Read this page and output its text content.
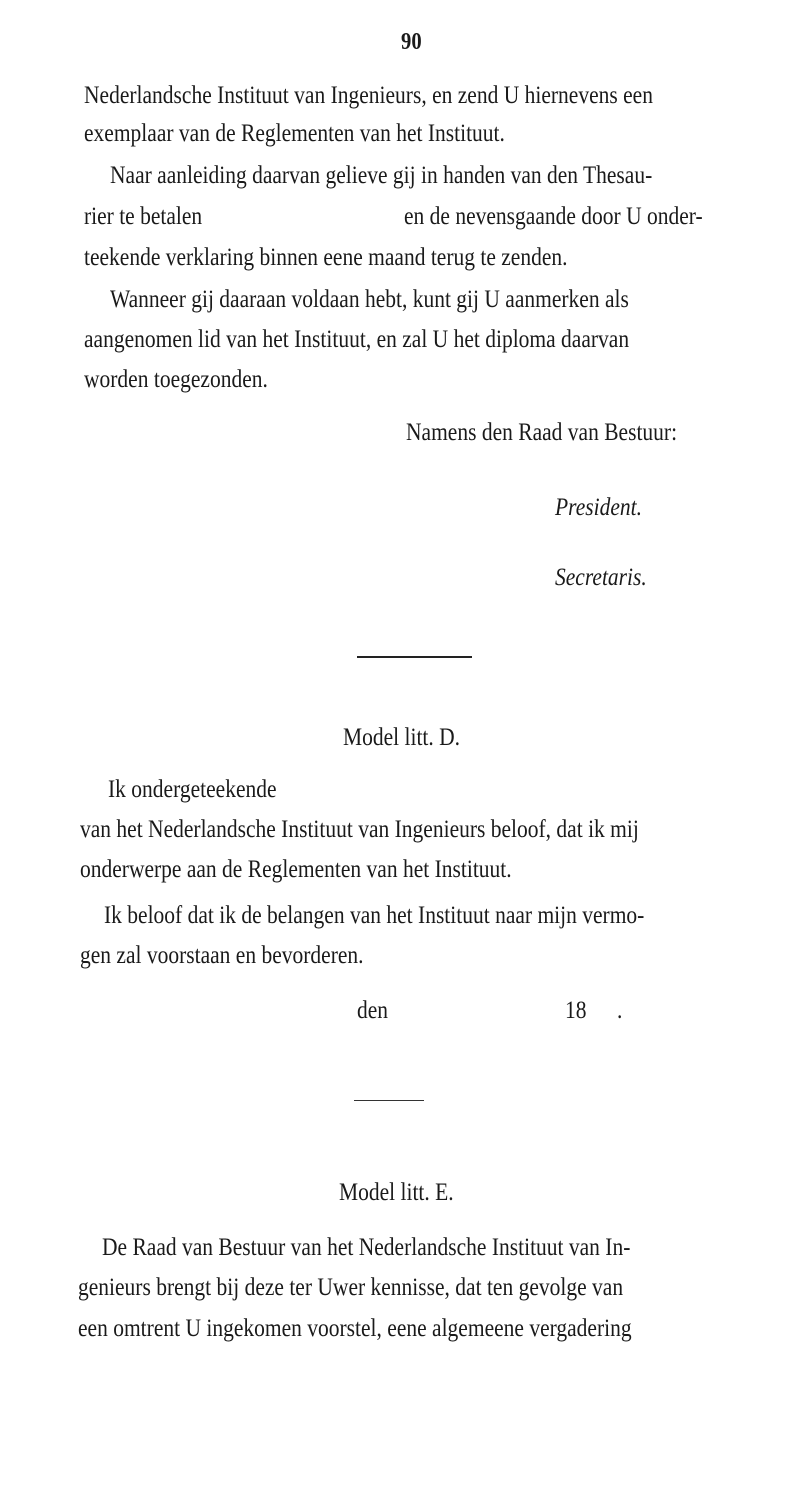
90
Nederlandsche Instituut van Ingenieurs, en zend U hiernevens een
exemplaar van de Reglementen van het Instituut.
Naar aanleiding daarvan gelieve gij in handen van den Thesau-
rier te betalen	en de nevensgaande door U onder-
teekende verklaring binnen eene maand terug te zenden.
Wanneer gij daaraan voldaan hebt, kunt gij U aanmerken als
aangenomen lid van het Instituut, en zal U het diploma daarvan
worden toegezonden.
Namens den Raad van Bestuur:
President.
Secretaris.
Model litt. D.
Ik ondergeteekende
van het Nederlandsche Instituut van Ingenieurs beloof, dat ik mij
onderwerpe aan de Reglementen van het Instituut.
Ik beloof dat ik de belangen van het Instituut naar mijn vermo-
gen zal voorstaan en bevorderen.
den	18 .
Model litt. E.
De Raad van Bestuur van het Nederlandsche Instituut van In-
genieurs brengt bij deze ter Uwer kennisse, dat ten gevolge van
een omtrent U ingekomen voorstel, eene algemeene vergadering
